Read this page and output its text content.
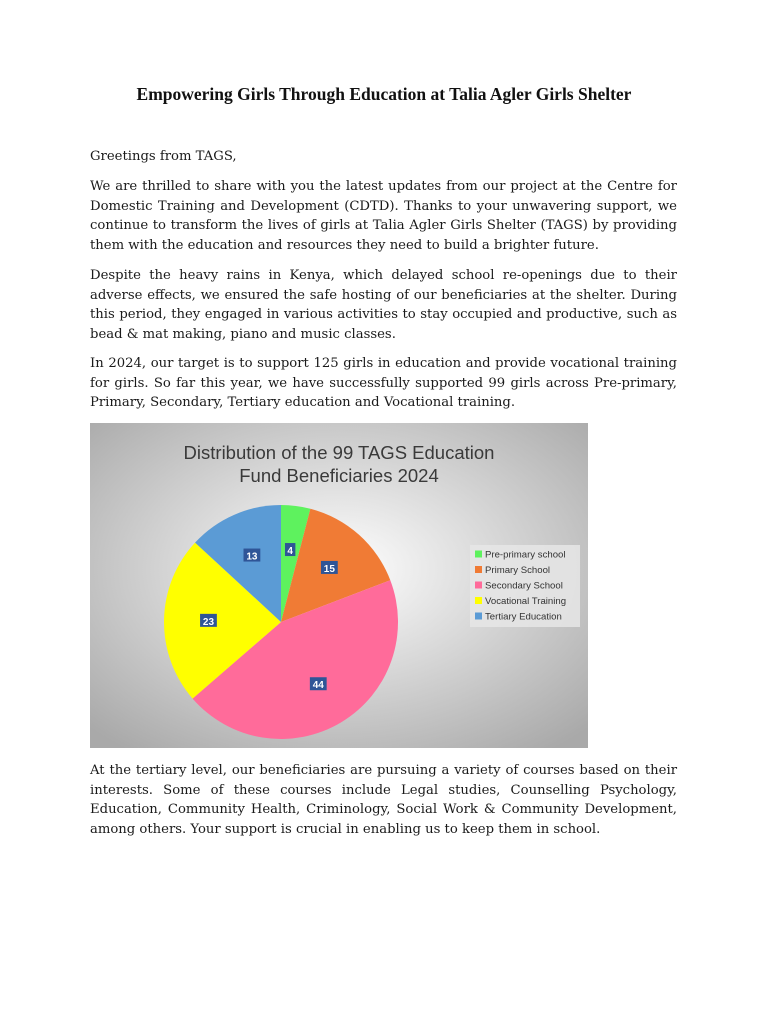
Empowering Girls Through Education at Talia Agler Girls Shelter

Greetings from TAGS,

We are thrilled to share with you the latest updates from our project at the Centre for Domestic Training and Development (CDTD). Thanks to your unwavering support, we continue to transform the lives of girls at Talia Agler Girls Shelter (TAGS) by providing them with the education and resources they need to build a brighter future.

Despite the heavy rains in Kenya, which delayed school re-openings due to their adverse effects, we ensured the safe hosting of our beneficiaries at the shelter. During this period, they engaged in various activities to stay occupied and productive, such as bead & mat making, piano and music classes.

In 2024, our target is to support 125 girls in education and provide vocational training for girls. So far this year, we have successfully supported 99 girls across Pre-primary, Primary, Secondary, Tertiary education and Vocational training.

Distribution of the 99 TAGS Education
Fund Beneficiaries 2024
4
15
44
23
13	Pre-primary school
Primary School
Secondary School
Vocational Training
Tertiary Education

At the tertiary level, our beneficiaries are pursuing a variety of courses based on their interests. Some of these courses include Legal studies, Counselling Psychology, Education, Community Health, Criminology, Social Work & Community Development, among others. Your support is crucial in enabling us to keep them in school.
